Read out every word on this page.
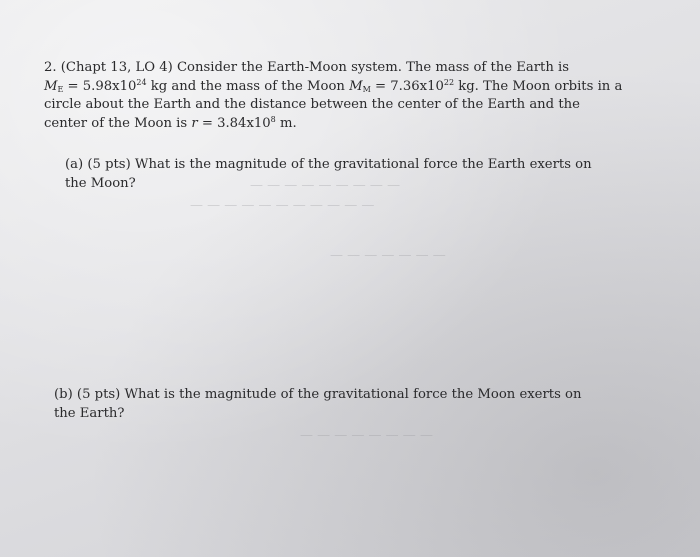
— — — — — — — — —
— — — — — — — — — — —
— — — — — — —
— — — — — — — —
2. (Chapt 13, LO 4) Consider the Earth-Moon system. The mass of the Earth is
$M_E = 5.98x10^{24}$ kg and the mass of the Moon $M_M = 7.36x10^{22}$ kg. The Moon orbits in a
circle about the Earth and the distance between the center of the Earth and the
center of the Moon is $r = 3.84x10^8$ m.
(a) (5 pts) What is the magnitude of the gravitational force the Earth exerts on
the Moon?
(b) (5 pts) What is the magnitude of the gravitational force the Moon exerts on
the Earth?
